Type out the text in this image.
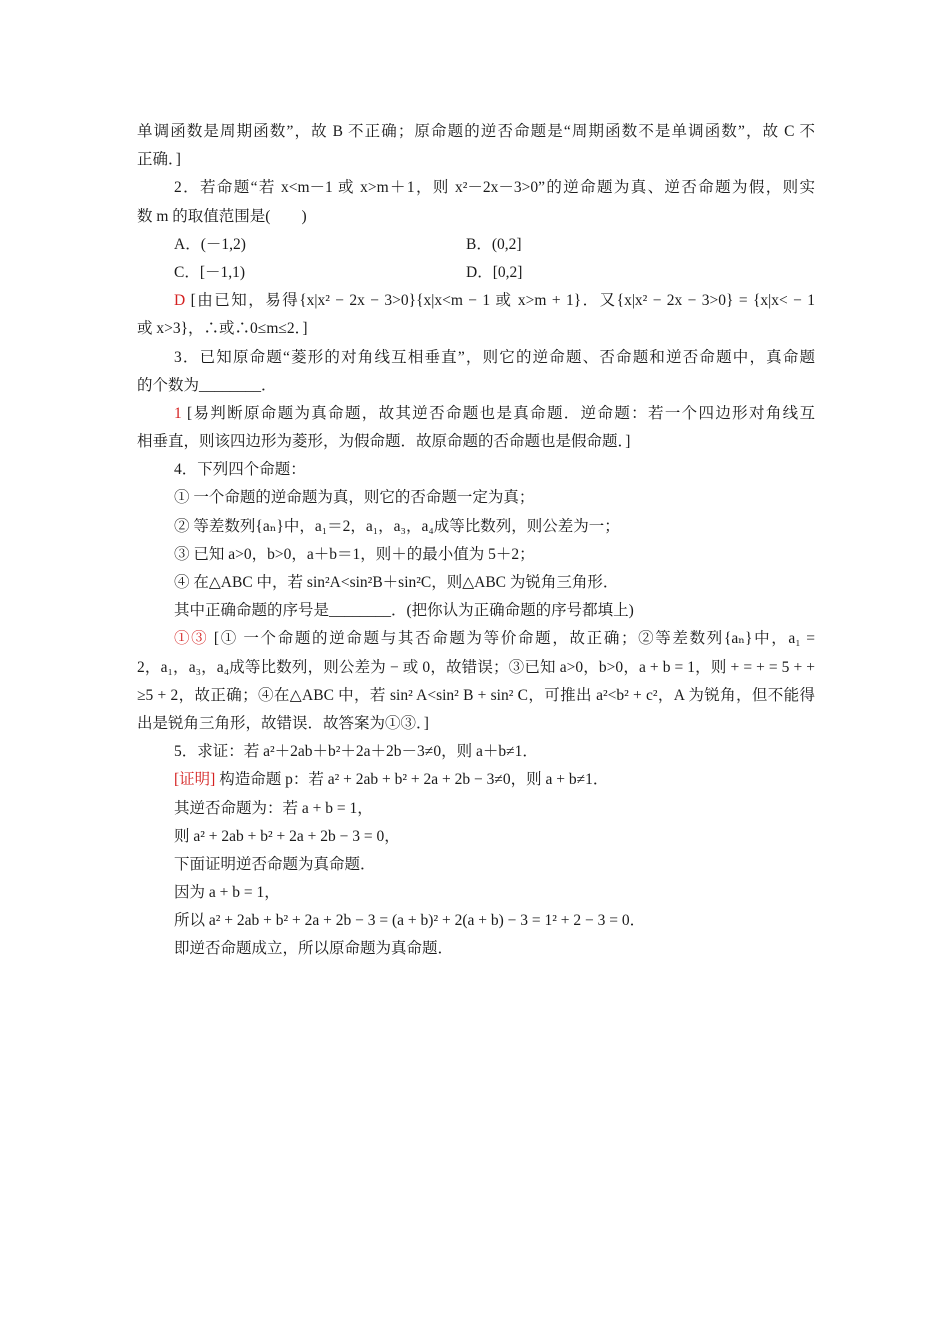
单调函数是周期函数”，故 B 不正确；原命题的逆否命题是“周期函数不是单调函数”，故 C 不
正确．]
2．若命题“若 x<m－1 或 x>m＋1，则 x²－2x－3>0”的逆命题为真、逆否命题为假，则实
数 m 的取值范围是(　　)
A．(－1,2)	B．(0,2]
C．[－1,1)	D．[0,2]
D [由已知，易得{x|x² − 2x − 3>0}{x|x<m − 1 或 x>m + 1}．又{x|x² − 2x − 3>0} = {x|x< − 1
或 x>3}，∴或∴0≤m≤2．]
3．已知原命题“菱形的对角线互相垂直”，则它的逆命题、否命题和逆否命题中，真命题
的个数为________．
1 [易判断原命题为真命题，故其逆否命题也是真命题．逆命题：若一个四边形对角线互
相垂直，则该四边形为菱形，为假命题．故原命题的否命题也是假命题．]
4．下列四个命题：
① 一个命题的逆命题为真，则它的否命题一定为真；
② 等差数列{aₙ}中，a₁＝2，a₁，a₃，a₄成等比数列，则公差为一；
③ 已知 a>0，b>0，a＋b＝1，则＋的最小值为 5＋2；
④ 在△ABC 中，若 sin²A<sin²B＋sin²C，则△ABC 为锐角三角形．
其中正确命题的序号是________．(把你认为正确命题的序号都填上)
①③ [① 一个命题的逆命题与其否命题为等价命题，故正确；②等差数列{aₙ}中，a₁ =
2，a₁，a₃，a₄成等比数列，则公差为 − 或 0，故错误；③已知 a>0，b>0，a + b = 1，则 + = + = 5 + +
≥5 + 2，故正确；④在△ABC 中，若 sin² A<sin² B + sin² C，可推出 a²<b² + c²，A 为锐角，但不能得
出是锐角三角形，故错误．故答案为①③．]
5．求证：若 a²＋2ab＋b²＋2a＋2b－3≠0，则 a＋b≠1．
[证明] 构造命题 p：若 a² + 2ab + b² + 2a + 2b − 3≠0，则 a + b≠1．
其逆否命题为：若 a + b = 1，
则 a² + 2ab + b² + 2a + 2b − 3 = 0，
下面证明逆否命题为真命题．
因为 a + b = 1，
所以 a² + 2ab + b² + 2a + 2b − 3 = (a + b)² + 2(a + b) − 3 = 1² + 2 − 3 = 0．
即逆否命题成立，所以原命题为真命题．
